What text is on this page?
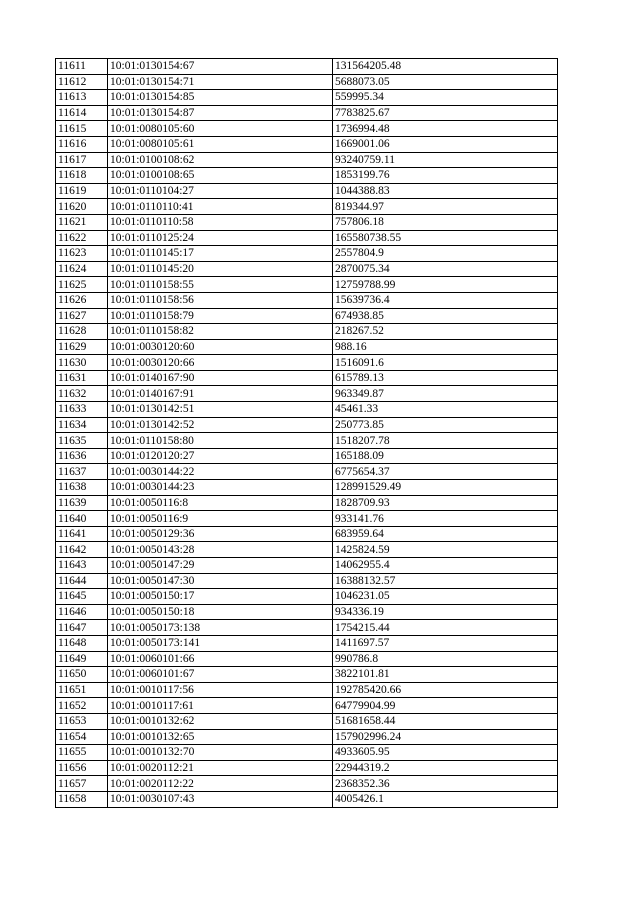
11611	10:01:0130154:67	131564205.48
11612	10:01:0130154:71	5688073.05
11613	10:01:0130154:85	559995.34
11614	10:01:0130154:87	7783825.67
11615	10:01:0080105:60	1736994.48
11616	10:01:0080105:61	1669001.06
11617	10:01:0100108:62	93240759.11
11618	10:01:0100108:65	1853199.76
11619	10:01:0110104:27	1044388.83
11620	10:01:0110110:41	819344.97
11621	10:01:0110110:58	757806.18
11622	10:01:0110125:24	165580738.55
11623	10:01:0110145:17	2557804.9
11624	10:01:0110145:20	2870075.34
11625	10:01:0110158:55	12759788.99
11626	10:01:0110158:56	15639736.4
11627	10:01:0110158:79	674938.85
11628	10:01:0110158:82	218267.52
11629	10:01:0030120:60	988.16
11630	10:01:0030120:66	1516091.6
11631	10:01:0140167:90	615789.13
11632	10:01:0140167:91	963349.87
11633	10:01:0130142:51	45461.33
11634	10:01:0130142:52	250773.85
11635	10:01:0110158:80	1518207.78
11636	10:01:0120120:27	165188.09
11637	10:01:0030144:22	6775654.37
11638	10:01:0030144:23	128991529.49
11639	10:01:0050116:8	1828709.93
11640	10:01:0050116:9	933141.76
11641	10:01:0050129:36	683959.64
11642	10:01:0050143:28	1425824.59
11643	10:01:0050147:29	14062955.4
11644	10:01:0050147:30	16388132.57
11645	10:01:0050150:17	1046231.05
11646	10:01:0050150:18	934336.19
11647	10:01:0050173:138	1754215.44
11648	10:01:0050173:141	1411697.57
11649	10:01:0060101:66	990786.8
11650	10:01:0060101:67	3822101.81
11651	10:01:0010117:56	192785420.66
11652	10:01:0010117:61	64779904.99
11653	10:01:0010132:62	51681658.44
11654	10:01:0010132:65	157902996.24
11655	10:01:0010132:70	4933605.95
11656	10:01:0020112:21	22944319.2
11657	10:01:0020112:22	2368352.36
11658	10:01:0030107:43	4005426.1
